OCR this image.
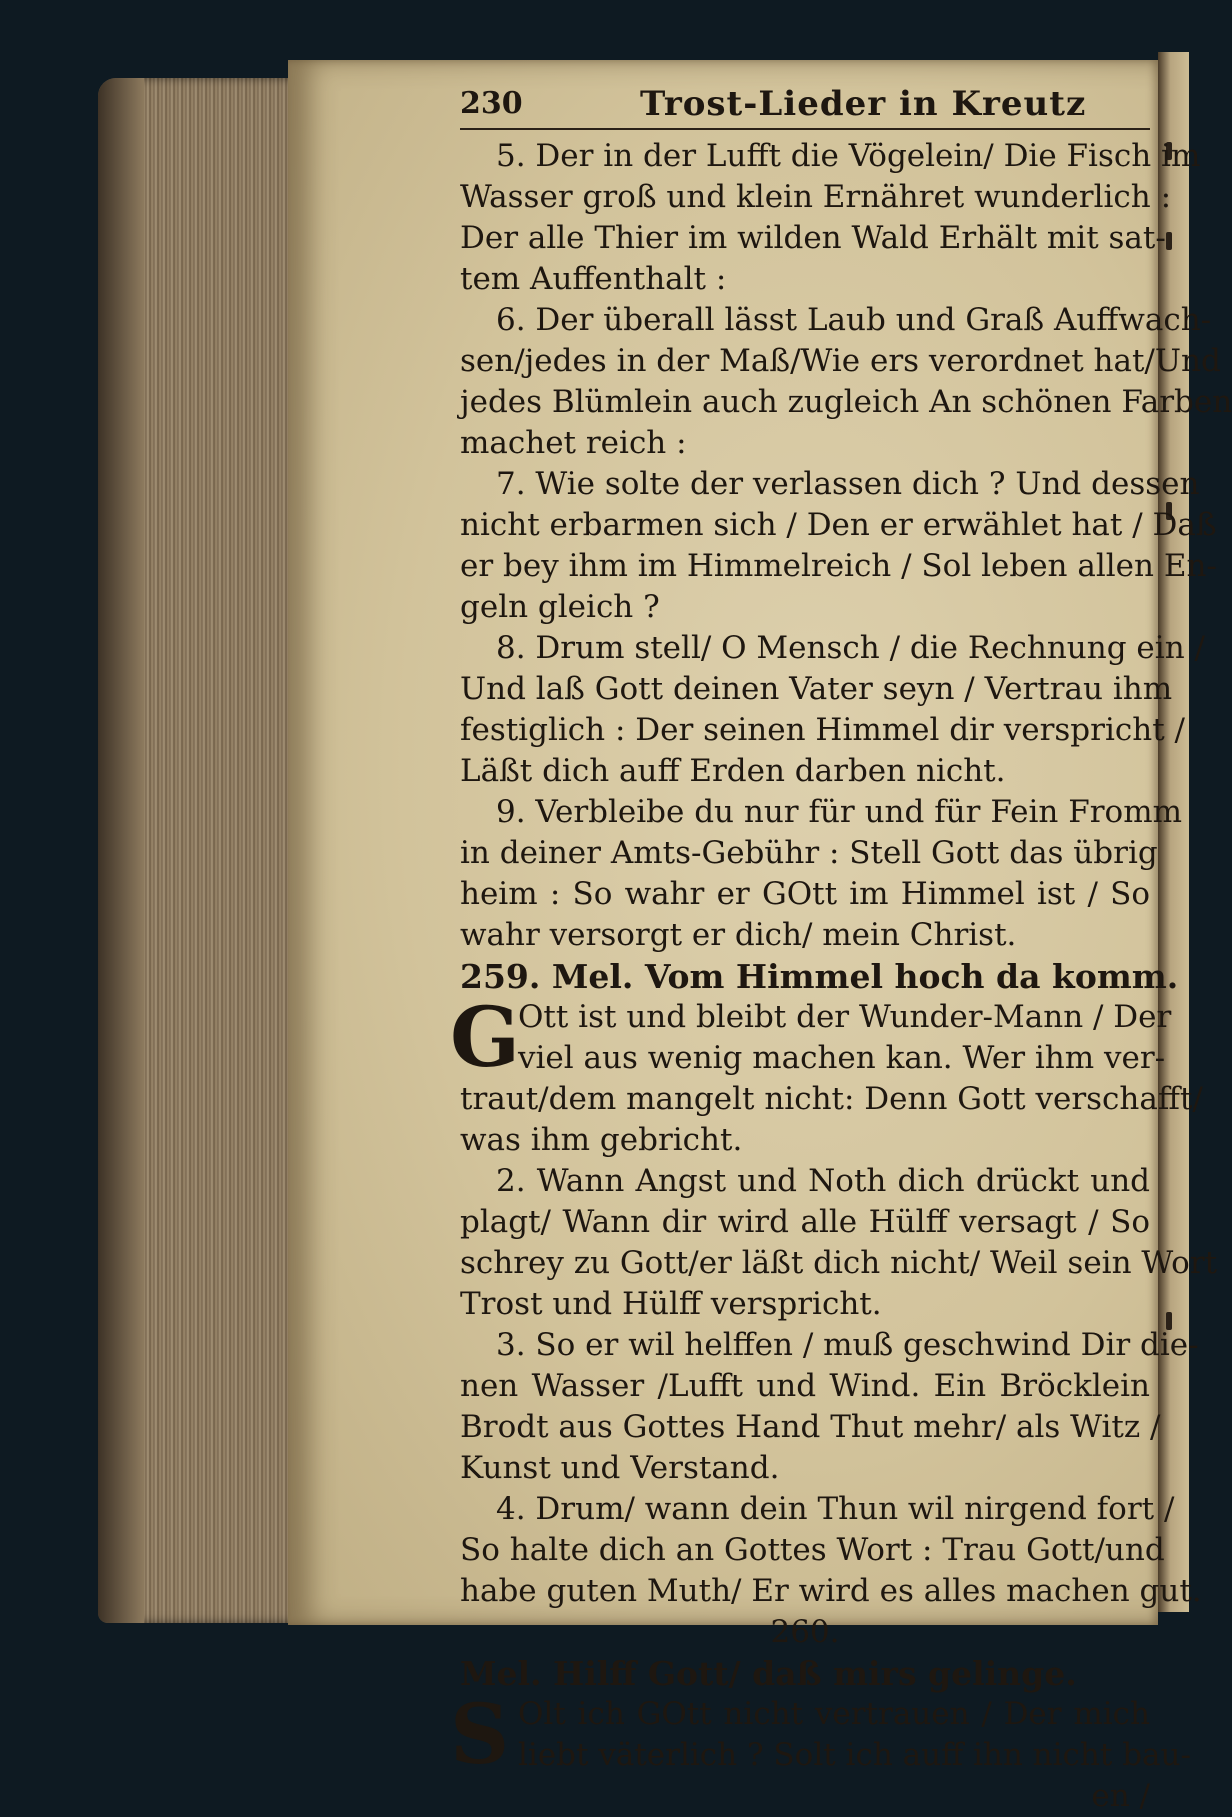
230	Trost-Lieder in Kreutz
5. Der in der Lufft die Vögelein/ Die Fisch im
Wasser groß und klein Ernähret wunderlich :
Der alle Thier im wilden Wald Erhält mit sat-
tem Auffenthalt :
6. Der überall lässt Laub und Graß Auffwach-
sen/jedes in der Maß/Wie ers verordnet hat/Und
jedes Blümlein auch zugleich An schönen Farben
machet reich :
7. Wie solte der verlassen dich ? Und dessen
nicht erbarmen sich / Den er erwählet hat / Daß
er bey ihm im Himmelreich / Sol leben allen En-
geln gleich ?
8. Drum stell/ O Mensch / die Rechnung ein /
Und laß Gott deinen Vater seyn / Vertrau ihm
festiglich : Der seinen Himmel dir verspricht /
Läßt dich auff Erden darben nicht.
9. Verbleibe du nur für und für Fein Fromm
in deiner Amts-Gebühr : Stell Gott das übrig
heim : So wahr er GOtt im Himmel ist / So
wahr versorgt er dich/ mein Christ.
259. Mel. Vom Himmel hoch da komm.
G
Ott ist und bleibt der Wunder-Mann / Der
viel aus wenig machen kan. Wer ihm ver-
traut/dem mangelt nicht: Denn Gott verschafft/
was ihm gebricht.
2. Wann Angst und Noth dich drückt und
plagt/ Wann dir wird alle Hülff versagt / So
schrey zu Gott/er läßt dich nicht/ Weil sein Wort
Trost und Hülff verspricht.
3. So er wil helffen / muß geschwind Dir die-
nen Wasser /Lufft und Wind. Ein Bröcklein
Brodt aus Gottes Hand Thut mehr/ als Witz /
Kunst und Verstand.
4. Drum/ wann dein Thun wil nirgend fort /
So halte dich an Gottes Wort : Trau Gott/und
habe guten Muth/ Er wird es alles machen gut.
260.
Mel. Hilff Gott/ daß mirs gelinge.
S Olt ich GOtt nicht vertrauen / Der mich
liebt väterlich ? Solt ich auff ihn nicht bau-
en /
